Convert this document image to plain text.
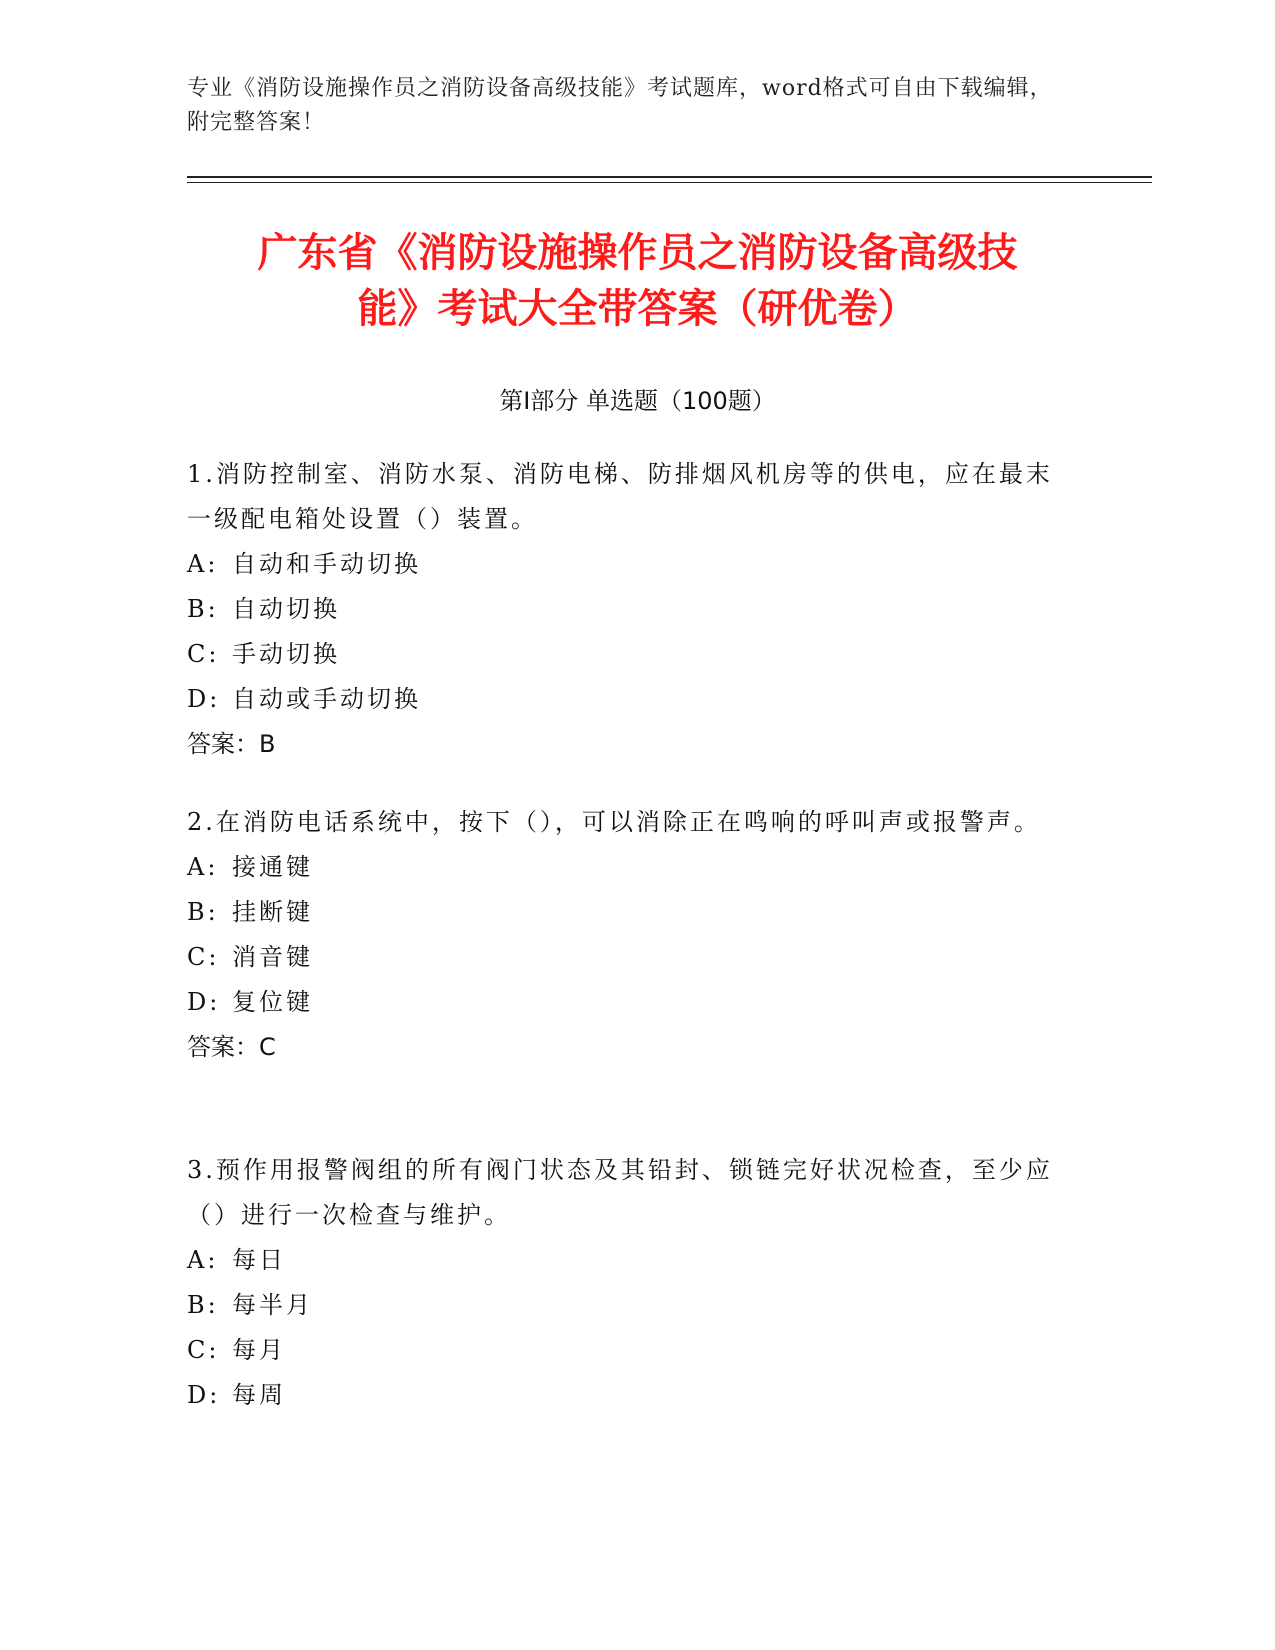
专业《消防设施操作员之消防设备高级技能》考试题库，word格式可自由下载编辑，附完整答案！
广东省《消防设施操作员之消防设备高级技
能》考试大全带答案（研优卷）
第Ⅰ部分 单选题（100题）
1.消防控制室、消防水泵、消防电梯、防排烟风机房等的供电，应在最末一级配电箱处设置（）装置。
A: 自动和手动切换
B: 自动切换
C: 手动切换
D: 自动或手动切换
答案：B
2.在消防电话系统中，按下（），可以消除正在鸣响的呼叫声或报警声。
A: 接通键
B: 挂断键
C: 消音键
D: 复位键
答案：C
3.预作用报警阀组的所有阀门状态及其铅封、锁链完好状况检查，至少应（）进行一次检查与维护。
A: 每日
B: 每半月
C: 每月
D: 每周
